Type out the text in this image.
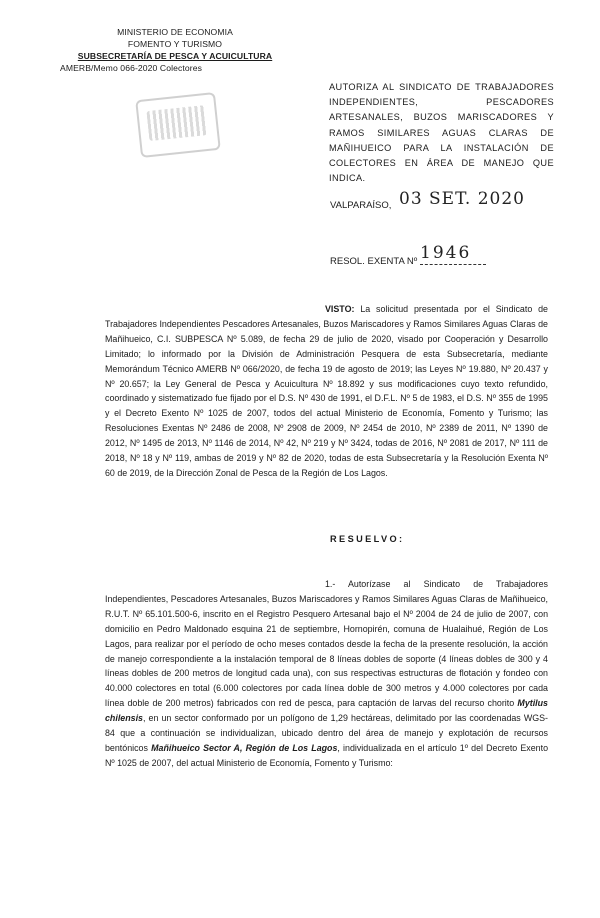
MINISTERIO DE ECONOMIA
FOMENTO Y TURISMO
SUBSECRETARÍA DE PESCA Y ACUICULTURA
AMERB/Memo 066-2020 Colectores
AUTORIZA AL SINDICATO DE TRABAJADORES INDEPENDIENTES, PESCADORES ARTESANALES, BUZOS MARISCADORES Y RAMOS SIMILARES AGUAS CLARAS DE MAÑIHUEICO PARA LA INSTALACIÓN DE COLECTORES EN ÁREA DE MANEJO QUE INDICA.
VALPARAÍSO, 03 SET. 2020
RESOL. EXENTA Nº 1946
VISTO: La solicitud presentada por el Sindicato de Trabajadores Independientes Pescadores Artesanales, Buzos Mariscadores y Ramos Similares Aguas Claras de Mañihueico, C.I. SUBPESCA Nº 5.089, de fecha 29 de julio de 2020, visado por Cooperación y Desarrollo Limitado; lo informado por la División de Administración Pesquera de esta Subsecretaría, mediante Memorándum Técnico AMERB Nº 066/2020, de fecha 19 de agosto de 2019; las Leyes Nº 19.880, Nº 20.437 y Nº 20.657; la Ley General de Pesca y Acuicultura Nº 18.892 y sus modificaciones cuyo texto refundido, coordinado y sistematizado fue fijado por el D.S. Nº 430 de 1991, el D.F.L. Nº 5 de 1983, el D.S. Nº 355 de 1995 y el Decreto Exento Nº 1025 de 2007, todos del actual Ministerio de Economía, Fomento y Turismo; las Resoluciones Exentas Nº 2486 de 2008, Nº 2908 de 2009, Nº 2454 de 2010, Nº 2389 de 2011, Nº 1390 de 2012, Nº 1495 de 2013, Nº 1146 de 2014, Nº 42, Nº 219 y Nº 3424, todas de 2016, Nº 2081 de 2017, Nº 111 de 2018, Nº 18 y Nº 119, ambas de 2019 y Nº 82 de 2020, todas de esta Subsecretaría y la Resolución Exenta Nº 60 de 2019, de la Dirección Zonal de Pesca de la Región de Los Lagos.
RESUELVO:
1.- Autorízase al Sindicato de Trabajadores Independientes, Pescadores Artesanales, Buzos Mariscadores y Ramos Similares Aguas Claras de Mañihueico, R.U.T. Nº 65.101.500-6, inscrito en el Registro Pesquero Artesanal bajo el Nº 2004 de 24 de julio de 2007, con domicilio en Pedro Maldonado esquina 21 de septiembre, Hornopirén, comuna de Hualaihué, Región de Los Lagos, para realizar por el período de ocho meses contados desde la fecha de la presente resolución, la acción de manejo correspondiente a la instalación temporal de 8 líneas dobles de soporte (4 líneas dobles de 300 y 4 líneas dobles de 200 metros de longitud cada una), con sus respectivas estructuras de flotación y fondeo con 40.000 colectores en total (6.000 colectores por cada línea doble de 300 metros y 4.000 colectores por cada línea doble de 200 metros) fabricados con red de pesca, para captación de larvas del recurso chorito Mytilus chilensis, en un sector conformado por un polígono de 1,29 hectáreas, delimitado por las coordenadas WGS-84 que a continuación se individualizan, ubicado dentro del área de manejo y explotación de recursos bentónicos Mañihueico Sector A, Región de Los Lagos, individualizada en el artículo 1º del Decreto Exento Nº 1025 de 2007, del actual Ministerio de Economía, Fomento y Turismo:
